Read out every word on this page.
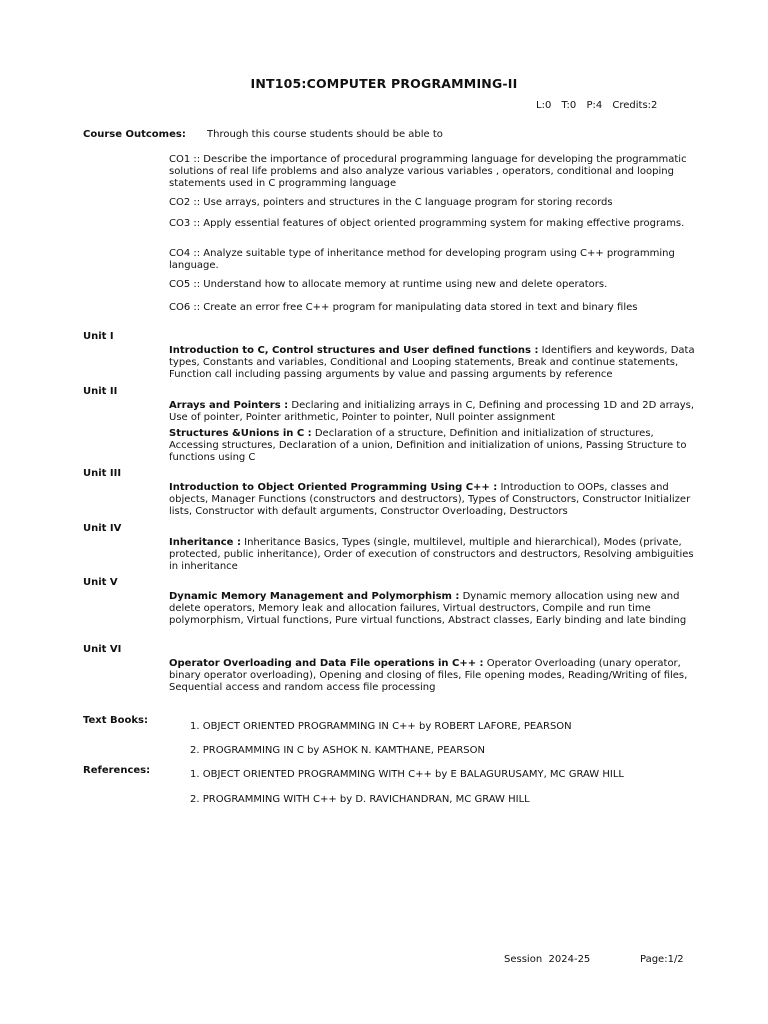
INT105:COMPUTER PROGRAMMING-II
L:0 T:0 P:4 Credits:2
Course Outcomes: Through this course students should be able to
CO1 :: Describe the importance of procedural programming language for developing the programmatic solutions of real life problems and also analyze various variables , operators, conditional and looping statements used in C programming language
CO2 :: Use arrays, pointers and structures in the C language program for storing records
CO3 :: Apply essential features of object oriented programming system for making effective programs.
CO4 :: Analyze suitable type of inheritance method for developing program using C++ programming language.
CO5 :: Understand how to allocate memory at runtime using new and delete operators.
CO6 :: Create an error free C++ program for manipulating data stored in text and binary files
Unit I
Introduction to C, Control structures and User defined functions : Identifiers and keywords, Data types, Constants and variables, Conditional and Looping statements, Break and continue statements, Function call including passing arguments by value and passing arguments by reference
Unit II
Arrays and Pointers : Declaring and initializing arrays in C, Defining and processing 1D and 2D arrays, Use of pointer, Pointer arithmetic, Pointer to pointer, Null pointer assignment
Structures &Unions in C : Declaration of a structure, Definition and initialization of structures, Accessing structures, Declaration of a union, Definition and initialization of unions, Passing Structure to functions using C
Unit III
Introduction to Object Oriented Programming Using C++ : Introduction to OOPs, classes and objects, Manager Functions (constructors and destructors), Types of Constructors, Constructor Initializer lists, Constructor with default arguments, Constructor Overloading, Destructors
Unit IV
Inheritance : Inheritance Basics, Types (single, multilevel, multiple and hierarchical), Modes (private, protected, public inheritance), Order of execution of constructors and destructors, Resolving ambiguities in inheritance
Unit V
Dynamic Memory Management and Polymorphism : Dynamic memory allocation using new and delete operators, Memory leak and allocation failures, Virtual destructors, Compile and run time polymorphism, Virtual functions, Pure virtual functions, Abstract classes, Early binding and late binding
Unit VI
Operator Overloading and Data File operations in C++ : Operator Overloading (unary operator, binary operator overloading), Opening and closing of files, File opening modes, Reading/Writing of files, Sequential access and random access file processing
Text Books:
1. OBJECT ORIENTED PROGRAMMING IN C++ by ROBERT LAFORE, PEARSON
2. PROGRAMMING IN C by ASHOK N. KAMTHANE, PEARSON
References:	1. OBJECT ORIENTED PROGRAMMING WITH C++ by E BALAGURUSAMY, MC GRAW HILL
2. PROGRAMMING WITH C++ by D. RAVICHANDRAN, MC GRAW HILL
Session  2024-25	Page:1/2
